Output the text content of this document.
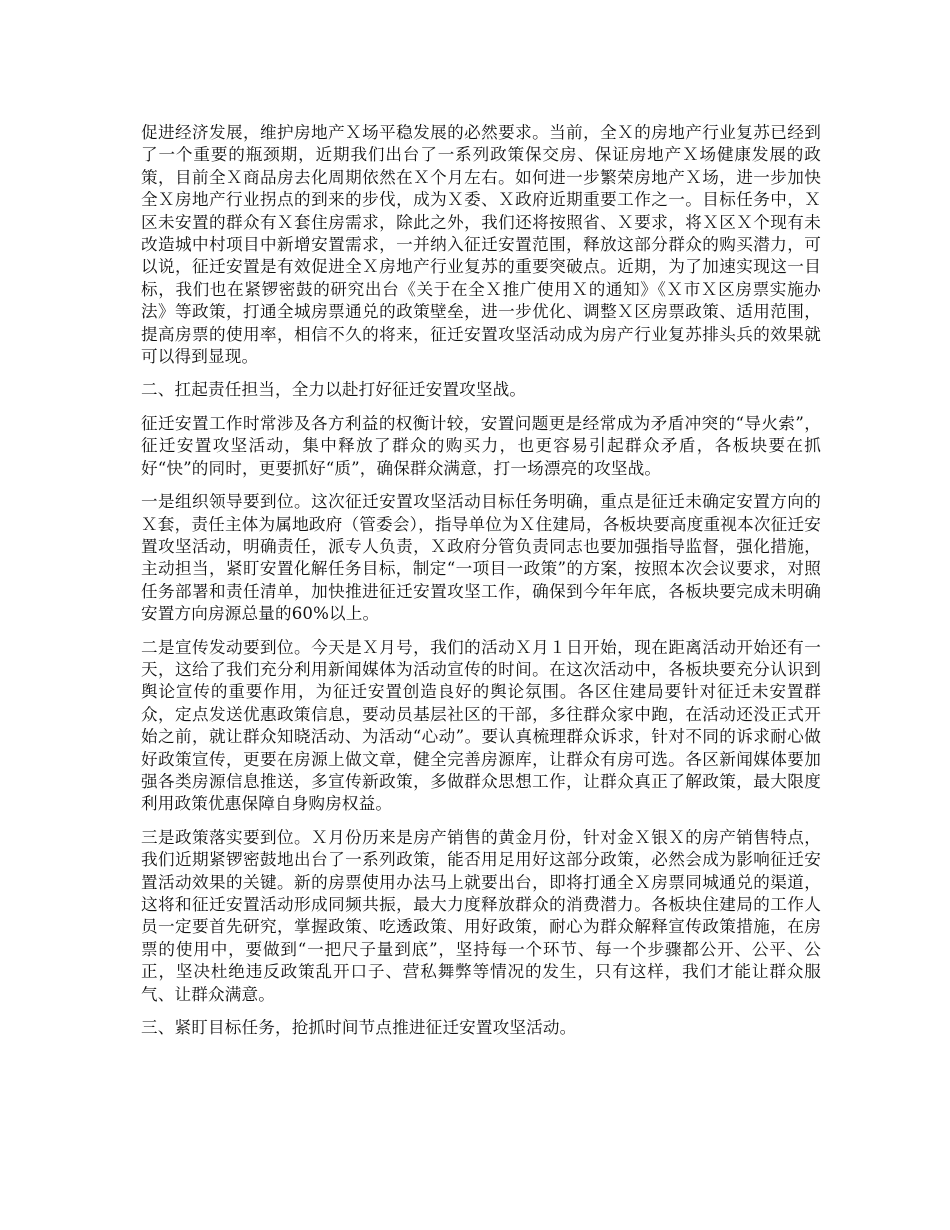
促进经济发展，维护房地产Ｘ场平稳发展的必然要求。当前，全Ｘ的房地产行业复苏已经到了一个重要的瓶颈期，近期我们出台了一系列政策保交房、保证房地产Ｘ场健康发展的政策，目前全Ｘ商品房去化周期依然在Ｘ个月左右。如何进一步繁荣房地产Ｘ场，进一步加快全Ｘ房地产行业拐点的到来的步伐，成为Ｘ委、Ｘ政府近期重要工作之一。目标任务中，Ｘ区未安置的群众有Ｘ套住房需求，除此之外，我们还将按照省、Ｘ要求，将Ｘ区Ｘ个现有未改造城中村项目中新增安置需求，一并纳入征迁安置范围，释放这部分群众的购买潜力，可以说，征迁安置是有效促进全Ｘ房地产行业复苏的重要突破点。近期，为了加速实现这一目标，我们也在紧锣密鼓的研究出台《关于在全Ｘ推广使用Ｘ的通知》《Ｘ市Ｘ区房票实施办法》等政策，打通全城房票通兑的政策壁垒，进一步优化、调整Ｘ区房票政策、适用范围，提高房票的使用率，相信不久的将来，征迁安置攻坚活动成为房产行业复苏排头兵的效果就可以得到显现。

二、扛起责任担当，全力以赴打好征迁安置攻坚战。

征迁安置工作时常涉及各方利益的权衡计较，安置问题更是经常成为矛盾冲突的“导火索”，征迁安置攻坚活动，集中释放了群众的购买力，也更容易引起群众矛盾，各板块要在抓好“快”的同时，更要抓好“质”，确保群众满意，打一场漂亮的攻坚战。

一是组织领导要到位。这次征迁安置攻坚活动目标任务明确，重点是征迁未确定安置方向的Ｘ套，责任主体为属地政府（管委会），指导单位为Ｘ住建局，各板块要高度重视本次征迁安置攻坚活动，明确责任，派专人负责，Ｘ政府分管负责同志也要加强指导监督，强化措施，主动担当，紧盯安置化解任务目标，制定“一项目一政策”的方案，按照本次会议要求，对照任务部署和责任清单，加快推进征迁安置攻坚工作，确保到今年年底，各板块要完成未明确安置方向房源总量的60%以上。

二是宣传发动要到位。今天是Ｘ月号，我们的活动Ｘ月１日开始，现在距离活动开始还有一天，这给了我们充分利用新闻媒体为活动宣传的时间。在这次活动中，各板块要充分认识到舆论宣传的重要作用，为征迁安置创造良好的舆论氛围。各区住建局要针对征迁未安置群众，定点发送优惠政策信息，要动员基层社区的干部，多往群众家中跑，在活动还没正式开始之前，就让群众知晓活动、为活动“心动”。要认真梳理群众诉求，针对不同的诉求耐心做好政策宣传，更要在房源上做文章，健全完善房源库，让群众有房可选。各区新闻媒体要加强各类房源信息推送，多宣传新政策，多做群众思想工作，让群众真正了解政策，最大限度利用政策优惠保障自身购房权益。

三是政策落实要到位。Ｘ月份历来是房产销售的黄金月份，针对金Ｘ银Ｘ的房产销售特点，我们近期紧锣密鼓地出台了一系列政策，能否用足用好这部分政策，必然会成为影响征迁安置活动效果的关键。新的房票使用办法马上就要出台，即将打通全Ｘ房票同城通兑的渠道，这将和征迁安置活动形成同频共振，最大力度释放群众的消费潜力。各板块住建局的工作人员一定要首先研究，掌握政策、吃透政策、用好政策，耐心为群众解释宣传政策措施，在房票的使用中，要做到“一把尺子量到底”，坚持每一个环节、每一个步骤都公开、公平、公正，坚决杜绝违反政策乱开口子、营私舞弊等情况的发生，只有这样，我们才能让群众服气、让群众满意。

三、紧盯目标任务，抢抓时间节点推进征迁安置攻坚活动。
